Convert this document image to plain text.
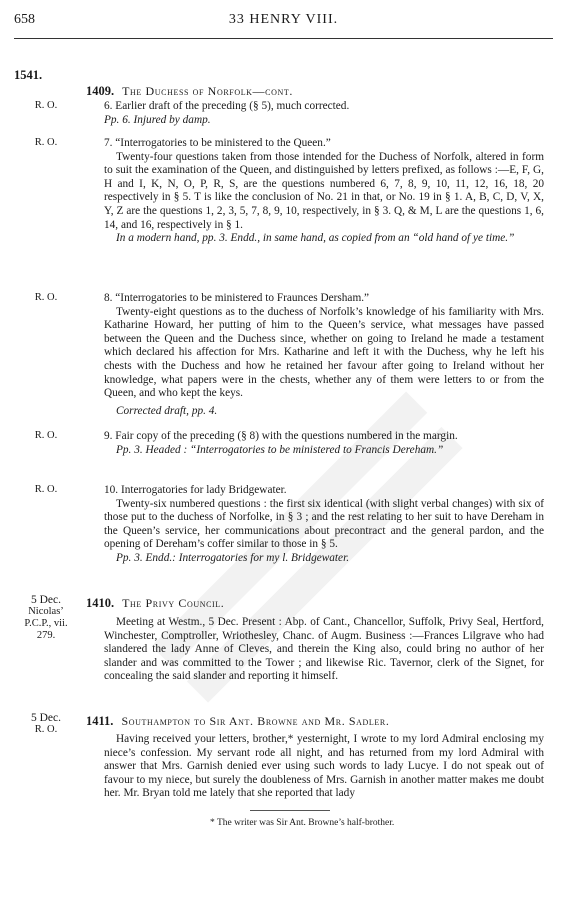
658	33 HENRY VIII.
1541.
1409. The Duchess of Norfolk—cont.
R. O.	6. Earlier draft of the preceding (§ 5), much corrected.
Pp. 6. Injured by damp.
R. O.	7. “Interrogatories to be ministered to the Queen.”
Twenty-four questions taken from those intended for the Duchess of Norfolk, altered in form to suit the examination of the Queen, and distinguished by letters prefixed, as follows :—E, F, G, H and I, K, N, O, P, R, S, are the questions numbered 6, 7, 8, 9, 10, 11, 12, 16, 18, 20 respectively in § 5. T is like the conclusion of No. 21 in that, or No. 19 in § 1. A, B, C, D, V, X, Y, Z are the questions 1, 2, 3, 5, 7, 8, 9, 10, respectively, in § 3. Q, & M, L are the questions 1, 6, 14, and 16, respectively in § 1.
In a modern hand, pp. 3. Endd., in same hand, as copied from an “old hand of ye time.”
R. O.	8. “Interrogatories to be ministered to Fraunces Dersham.”
Twenty-eight questions as to the duchess of Norfolk’s knowledge of his familiarity with Mrs. Katharine Howard, her putting of him to the Queen’s service, what messages have passed between the Queen and the Duchess since, whether on going to Ireland he made a testament which declared his affection for Mrs. Katharine and left it with the Duchess, why he left his chests with the Duchess and how he retained her favour after going to Ireland without her knowledge, what papers were in the chests, whether any of them were letters to or from the Queen, and who kept the keys.
Corrected draft, pp. 4.
R. O.	9. Fair copy of the preceding (§ 8) with the questions numbered in the margin.
Pp. 3. Headed : “Interrogatories to be ministered to Francis Dereham.”
R. O.	10. Interrogatories for lady Bridgewater.
Twenty-six numbered questions : the first six identical (with slight verbal changes) with six of those put to the duchess of Norfolke, in § 3 ; and the rest relating to her suit to have Dereham in the Queen’s service, her communications about precontract and the general pardon, and the opening of Dereham’s coffer similar to those in § 5.
Pp. 3. Endd.: Interrogatories for my l. Bridgewater.
5 Dec.
Nicolas’
P.C.P., vii.
279.
1410. The Privy Council.
Meeting at Westm., 5 Dec. Present : Abp. of Cant., Chancellor, Suffolk, Privy Seal, Hertford, Winchester, Comptroller, Wriothesley, Chanc. of Augm. Business :—Frances Lilgrave who had slandered the lady Anne of Cleves, and therein the King also, could bring no author of her slander and was committed to the Tower ; and likewise Ric. Tavernor, clerk of the Signet, for concealing the said slander and reporting it himself.
5 Dec.
R. O.
1411. Southampton to Sir Ant. Browne and Mr. Sadler.
Having received your letters, brother,* yesternight, I wrote to my lord Admiral enclosing my niece’s confession. My servant rode all night, and has returned from my lord Admiral with answer that Mrs. Garnish denied ever using such words to lady Lucye. I do not speak out of favour to my niece, but surely the doubleness of Mrs. Garnish in another matter makes me doubt her. Mr. Bryan told me lately that she reported that lady
* The writer was Sir Ant. Browne’s half-brother.
